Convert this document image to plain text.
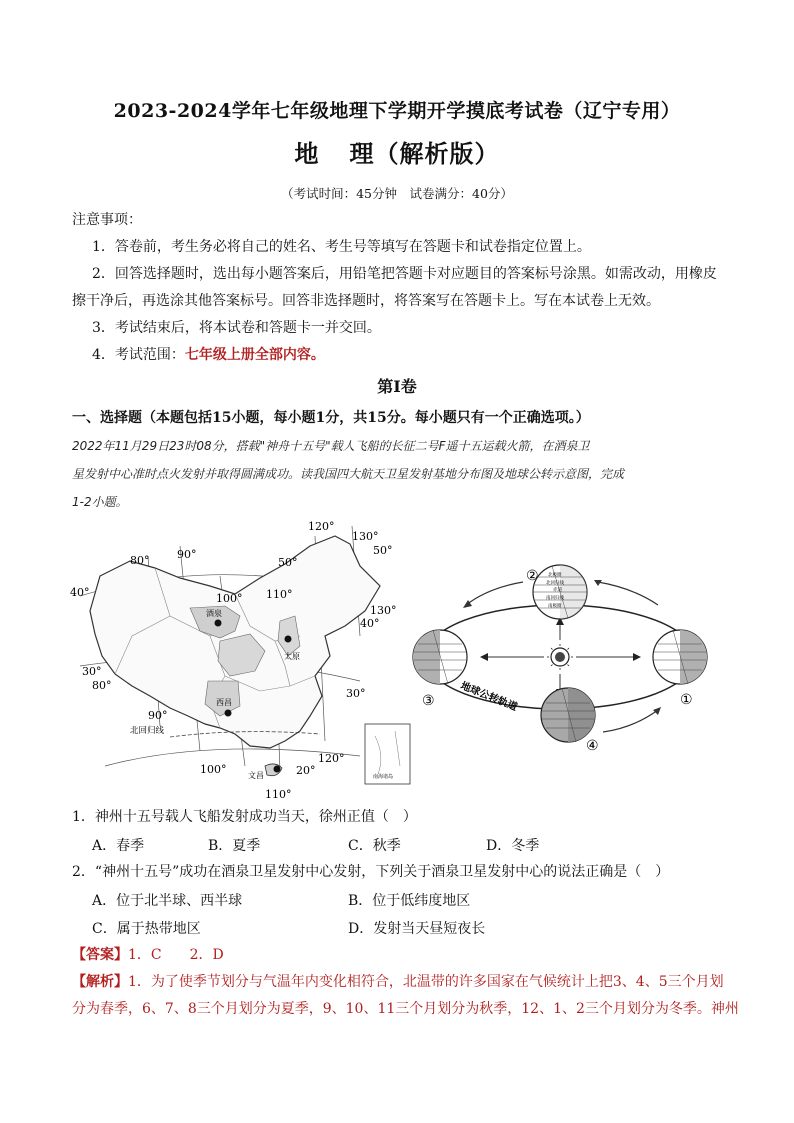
2023-2024学年七年级地理下学期开学摸底考试卷（辽宁专用）
地 理（解析版）
（考试时间：45分钟　试卷满分：40分）
注意事项：
1．答卷前，考生务必将自己的姓名、考生号等填写在答题卡和试卷指定位置上。
2．回答选择题时，选出每小题答案后，用铅笔把答题卡对应题目的答案标号涂黑。如需改动，用橡皮
擦干净后，再选涂其他答案标号。回答非选择题时，将答案写在答题卡上。写在本试卷上无效。
3．考试结束后，将本试卷和答题卡一并交回。
4．考试范围：七年级上册全部内容。
第Ⅰ卷
一、选择题（本题包括15小题，每小题1分，共15分。每小题只有一个正确选项。）
2022年11月29日23时08分，搭载"神舟十五号"载人飞船的长征二号F遥十五运载火箭，在酒泉卫
星发射中心准时点火发射并取得圆满成功。读我国四大航天卫星发射基地分布图及地球公转示意图，完成
1-2小题。
南海诸岛
酒泉
太原
西昌
文昌
北回归线
120°
130°
80°	90°
50°
50°
100° 110°
40°
130°
40°
30°
80°
30°
90°
120°
100°	20°
110°
北极圈
北回归线
赤道
南回归线
南极圈
②
③	①
④
地球公转轨道
1．神州十五号载人飞船发射成功当天，徐州正值（　）
A．春季	B．夏季	C．秋季	D．冬季
2．“神州十五号”成功在酒泉卫星发射中心发射，下列关于酒泉卫星发射中心的说法正确是（　）
A．位于北半球、西半球	B．位于低纬度地区
C．属于热带地区	D．发射当天昼短夜长
【答案】1．C　　2．D
【解析】1．为了使季节划分与气温年内变化相符合，北温带的许多国家在气候统计上把3、4、5三个月划
分为春季，6、7、8三个月划分为夏季，9、10、11三个月划分为秋季，12、1、2三个月划分为冬季。神州
